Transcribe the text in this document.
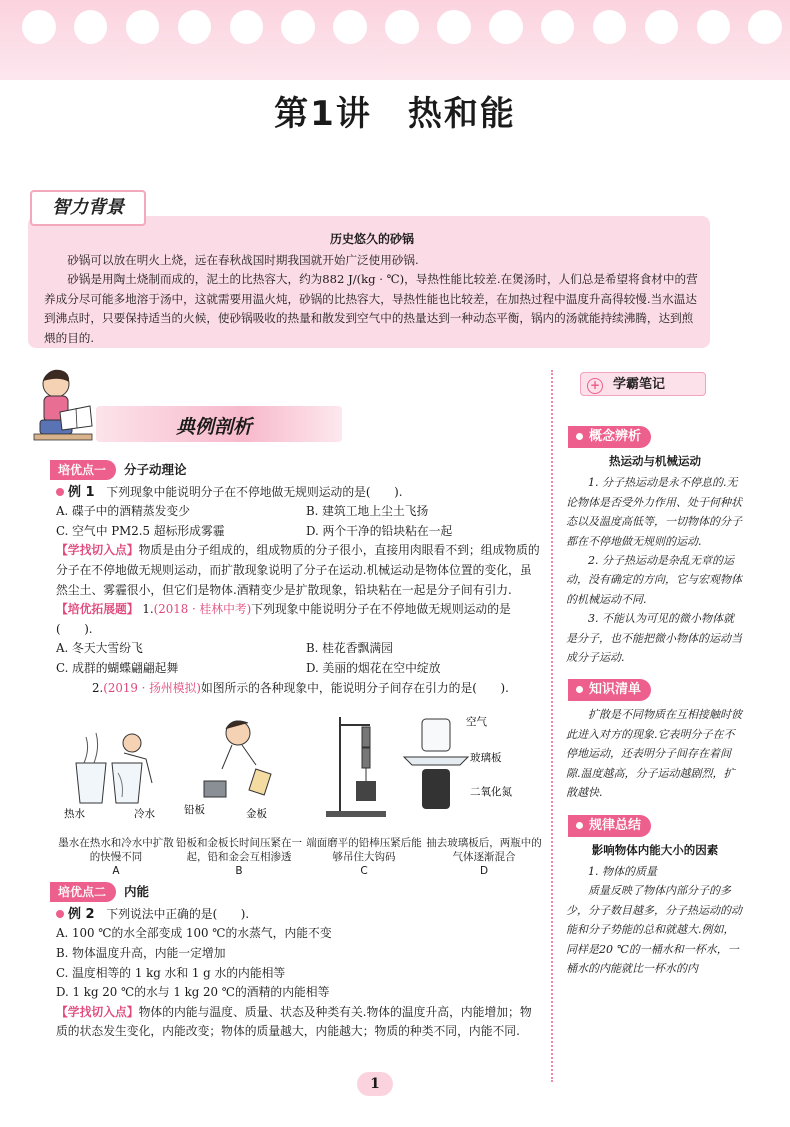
第1讲　热和能
智力背景
历史悠久的砂锅

砂锅可以放在明火上烧，远在春秋战国时期我国就开始广泛使用砂锅.

砂锅是用陶土烧制而成的，泥土的比热容大，约为882 J/(kg · ℃)，导热性能比较差.在煲汤时，人们总是希望将食材中的营养成分尽可能多地溶于汤中，这就需要用温火炖，砂锅的比热容大，导热性能也比较差，在加热过程中温度升高得较慢.当水温达到沸点时，只要保持适当的火候，使砂锅吸收的热量和散发到空气中的热量达到一种动态平衡，锅内的汤就能持续沸腾，达到煎煨的目的.

典例剖析
培优点一 分子动理论

例 1　 下列现象中能说明分子在不停地做无规则运动的是(　　).

A. 碟子中的酒精蒸发变少	B. 建筑工地上尘土飞扬
C. 空气中 PM2.5 超标形成雾霾	D. 两个干净的铅块粘在一起

【学找切入点】物质是由分子组成的，组成物质的分子很小，直接用肉眼看不到；组成物质的分子在不停地做无规则运动，而扩散现象说明了分子在运动.机械运动是物体位置的变化，虽然尘土、雾霾很小，但它们是物体.酒精变少是扩散现象，铅块粘在一起是分子间有引力.

【培优拓展题】 1.(2018 · 桂林中考)下列现象中能说明分子在不停地做无规则运动的是(　　).

A. 冬天大雪纷飞	B. 桂花香飘满园
C. 成群的蝴蝶翩翩起舞	D. 美丽的烟花在空中绽放

2.(2019 · 扬州模拟)如图所示的各种现象中，能说明分子间存在引力的是(　　).

热水	冷水	铅板	金板
空气
玻璃板
二氧化氮
墨水在热水和冷水中扩散的快慢不同
A
铅板和金板长时间压紧在一起，铅和金会互相渗透
B
端面磨平的铅棒压紧后能够吊住大钩码
C
抽去玻璃板后，两瓶中的气体逐渐混合
D
培优点二 内能

例 2　 下列说法中正确的是(　　).

A. 100 ℃的水全部变成 100 ℃的水蒸气，内能不变
B. 物体温度升高，内能一定增加
C. 温度相等的 1 kg 水和 1 g 水的内能相等
D. 1 kg 20 ℃的水与 1 kg 20 ℃的酒精的内能相等

【学找切入点】物体的内能与温度、质量、状态及种类有关.物体的温度升高，内能增加；物质的状态发生变化，内能改变；物体的质量越大，内能越大；物质的种类不同，内能不同.

+ 学霸笔记
概念辨析
热运动与机械运动

1. 分子热运动是永不停息的.无论物体是否受外力作用、处于何种状态以及温度高低等，一切物体的分子都在不停地做无规则的运动.

2. 分子热运动是杂乱无章的运动，没有确定的方向，它与宏观物体的机械运动不同.

3. 不能认为可见的微小物体就是分子，也不能把微小物体的运动当成分子运动.

知识清单

扩散是不同物质在互相接触时彼此进入对方的现象.它表明分子在不停地运动，还表明分子间存在着间隙.温度越高，分子运动越剧烈，扩散越快.

规律总结
影响物体内能大小的因素

1. 物体的质量

质量反映了物体内部分子的多少，分子数目越多，分子热运动的动能和分子势能的总和就越大.例如，同样是20 ℃的一桶水和一杯水，一桶水的内能就比一杯水的内

1
